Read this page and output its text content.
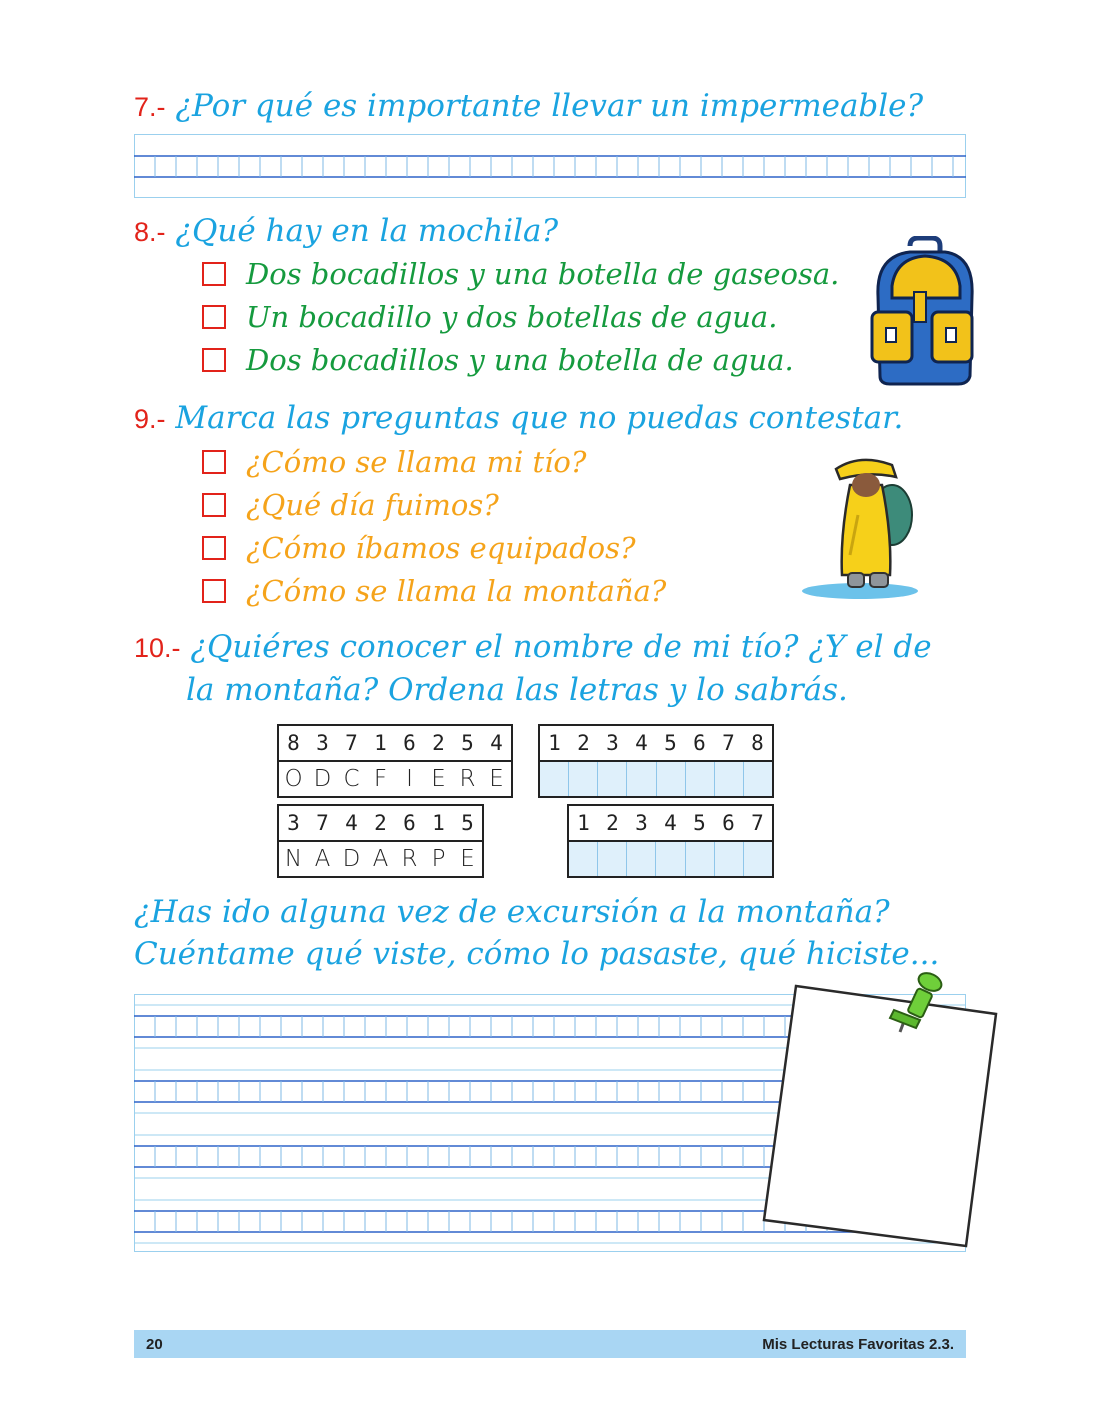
7.- ¿Por qué es importante llevar un impermeable?
8.- ¿Qué hay en la mochila?
Dos bocadillos y una botella de gaseosa.
Un bocadillo y dos botellas de agua.
Dos bocadillos y una botella de agua.
9.- Marca las preguntas que no puedas contestar.
¿Cómo se llama mi tío?
¿Qué día fuimos?
¿Cómo íbamos equipados?
¿Cómo se llama la montaña?
10.- ¿Quiéres conocer el nombre de mi tío? ¿Y el de
la montaña? Ordena las letras y lo sabrás.
8 3 7 1 6 2 5 4
O D C F I E R E
1 2 3 4 5 6 7 8
3 7 4 2 6 1 5
N A D A R P E
1 2 3 4 5 6 7
¿Has ido alguna vez de excursión a la montaña?
Cuéntame qué viste, cómo lo pasaste, qué hiciste...
20	Mis Lecturas Favoritas 2.3.
